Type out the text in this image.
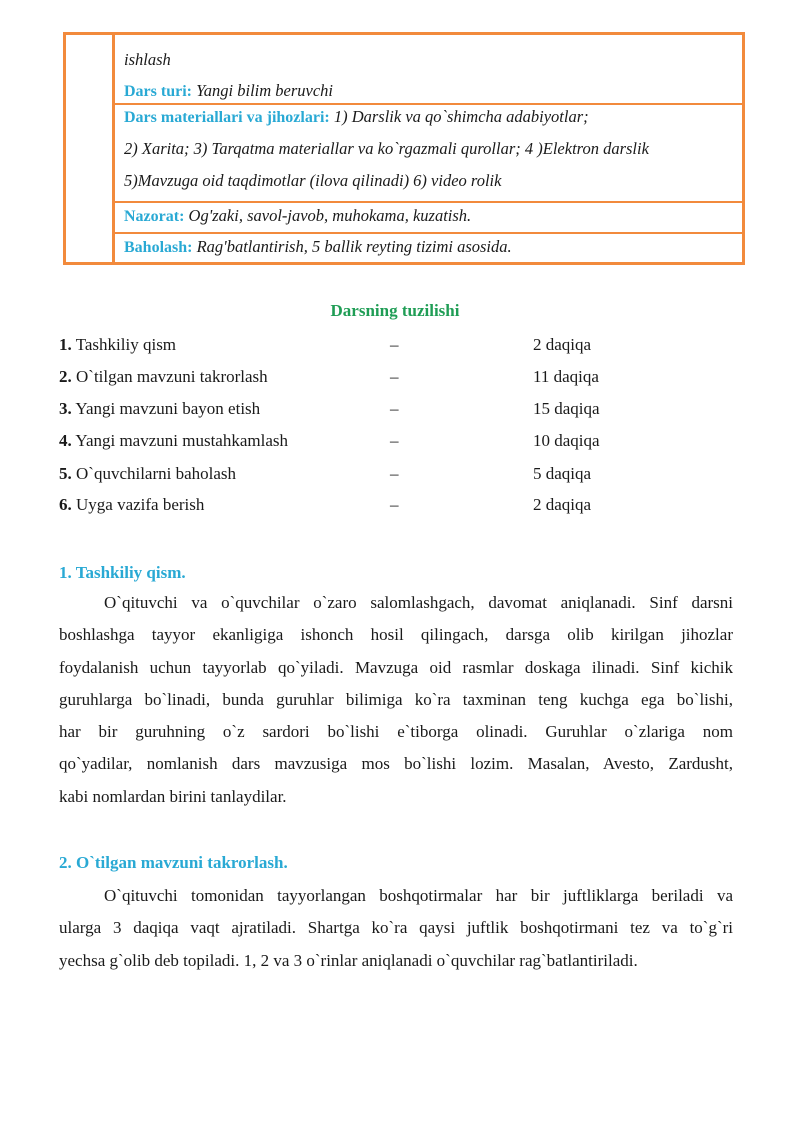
ishlash
Dars turi: Yangi bilim beruvchi
Dars materiallari va jihozlari: 1) Darslik va qo`shimcha adabiyotlar;
2) Xarita; 3) Tarqatma materiallar va ko`rgazmali qurollar; 4 )Elektron darslik
5)Mavzuga oid taqdimotlar (ilova qilinadi) 6) video rolik
Nazorat: Og'zaki, savol-javob, muhokama, kuzatish.
Baholash: Rag'batlantirish, 5 ballik reyting tizimi asosida.
Darsning tuzilishi
1. Tashkiliy qism	–	2 daqiqa
2. O`tilgan mavzuni takrorlash	–	11 daqiqa
3. Yangi mavzuni bayon etish	–	15 daqiqa
4. Yangi mavzuni mustahkamlash	–	10 daqiqa
5. O`quvchilarni baholash	–	5 daqiqa
6. Uyga vazifa berish	–	2 daqiqa
1. Tashkiliy qism.
O`qituvchi va o`quvchilar o`zaro salomlashgach, davomat aniqlanadi. Sinf darsni
boshlashga tayyor ekanligiga ishonch hosil qilingach, darsga olib kirilgan jihozlar
foydalanish uchun tayyorlab qo`yiladi. Mavzuga oid rasmlar doskaga ilinadi. Sinf kichik
guruhlarga bo`linadi, bunda guruhlar bilimiga ko`ra taxminan teng kuchga ega bo`lishi,
har bir guruhning o`z sardori bo`lishi e`tiborga olinadi. Guruhlar o`zlariga nom
qo`yadilar, nomlanish dars mavzusiga mos bo`lishi lozim. Masalan, Avesto, Zardusht,
kabi nomlardan birini tanlaydilar.
2. O`tilgan mavzuni takrorlash.
O`qituvchi tomonidan tayyorlangan boshqotirmalar har bir juftliklarga beriladi va
ularga 3 daqiqa vaqt ajratiladi. Shartga ko`ra qaysi juftlik boshqotirmani tez va to`g`ri
yechsa g`olib deb topiladi. 1, 2 va 3 o`rinlar aniqlanadi o`quvchilar rag`batlantiriladi.
